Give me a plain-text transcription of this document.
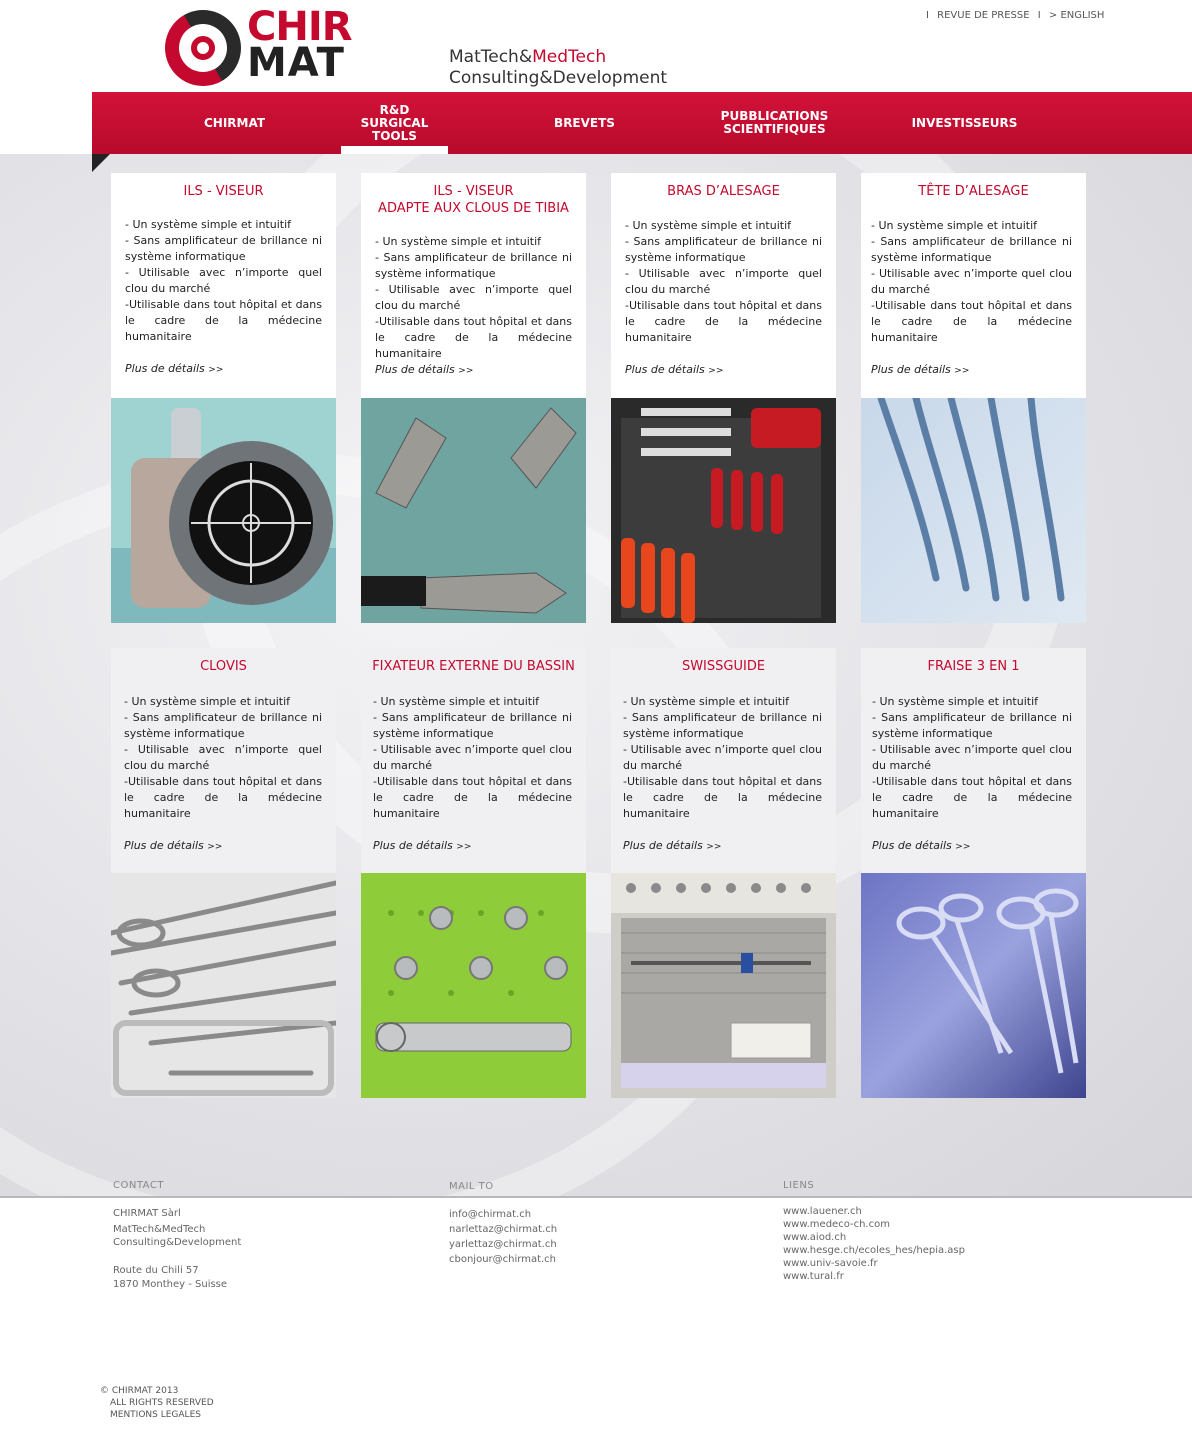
CHIR
MAT	MatTech&MedTech
Consulting&Development
I REVUE DE PRESSE I > ENGLISH
CHIRMAT
R&D
SURGICAL TOOLS
BREVETS	PUBBLICATIONS
SCIENTIFIQUES	INVESTISSEURS
ILS - VISEUR
- Un système simple et intuitif
- Sans amplificateur de brillance ni système informatique
- Utilisable avec n’importe quel clou du marché
-Utilisable dans tout hôpital et dans le cadre de la médecine humanitaire
Plus de détails >>
ILS - VISEUR
ADAPTE AUX CLOUS DE TIBIA
- Un système simple et intuitif
- Sans amplificateur de brillance ni système informatique
- Utilisable avec n’importe quel clou du marché
-Utilisable dans tout hôpital et dans le cadre de la médecine humanitaire
Plus de détails >>
BRAS D’ALESAGE
- Un système simple et intuitif
- Sans amplificateur de brillance ni système informatique
- Utilisable avec n’importe quel clou du marché
-Utilisable dans tout hôpital et dans le cadre de la médecine humanitaire
Plus de détails >>
TÊTE D’ALESAGE
- Un système simple et intuitif
- Sans amplificateur de brillance ni système informatique
- Utilisable avec n’importe quel clou du marché
-Utilisable dans tout hôpital et dans le cadre de la médecine humanitaire
Plus de détails >>
CLOVIS
- Un système simple et intuitif
- Sans amplificateur de brillance ni système informatique
- Utilisable avec n’importe quel clou du marché
-Utilisable dans tout hôpital et dans le cadre de la médecine humanitaire
Plus de détails >>
FIXATEUR EXTERNE DU BASSIN
- Un système simple et intuitif
- Sans amplificateur de brillance ni système informatique
- Utilisable avec n’importe quel clou du marché
-Utilisable dans tout hôpital et dans le cadre de la médecine humanitaire
Plus de détails >>
SWISSGUIDE
- Un système simple et intuitif
- Sans amplificateur de brillance ni système informatique
- Utilisable avec n’importe quel clou du marché
-Utilisable dans tout hôpital et dans le cadre de la médecine humanitaire
Plus de détails >>
FRAISE 3 EN 1
- Un système simple et intuitif
- Sans amplificateur de brillance ni système informatique
- Utilisable avec n’importe quel clou du marché
-Utilisable dans tout hôpital et dans le cadre de la médecine humanitaire
Plus de détails >>
CONTACT	MAIL TO	LIENS
CHIRMAT Sàrl
MatTech&MedTech
Consulting&Development
Route du Chili 57
1870 Monthey - Suisse
info@chirmat.ch
narlettaz@chirmat.ch
yarlettaz@chirmat.ch
cbonjour@chirmat.ch
www.lauener.ch
www.medeco-ch.com
www.aiod.ch
www.hesge.ch/ecoles_hes/hepia.asp
www.univ-savoie.fr
www.tural.fr
© CHIRMAT 2013
ALL RIGHTS RESERVED
MENTIONS LEGALES
